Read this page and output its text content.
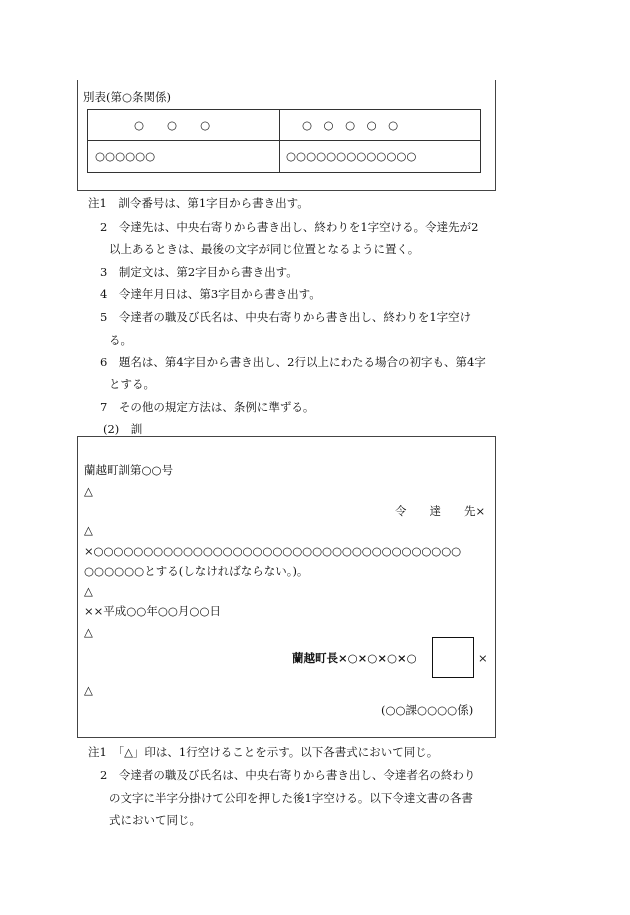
別表(第○条関係)
○　　○　　○	○　○　○　○　○
○○○○○○	○○○○○○○○○○○○○
注1　訓令番号は、第1字目から書き出す。
2　令達先は、中央右寄りから書き出し、終わりを1字空ける。令達先が2
以上あるときは、最後の文字が同じ位置となるように置く。
3　制定文は、第2字目から書き出す。
4　令達年月日は、第3字目から書き出す。
5　令達者の職及び氏名は、中央右寄りから書き出し、終わりを1字空け
る。
6　題名は、第4字目から書き出し、2行以上にわたる場合の初字も、第4字
とする。
7　その他の規定方法は、条例に準ずる。
(2)　訓
蘭越町訓第○○号
△
令　　達　　先×
△
×○○○○○○○○○○○○○○○○○○○○○○○○○○○○○○○○○○○○○
○○○○○○とする(しなければならない。)。
△
××平成○○年○○月○○日
△
蘭越町長×○×○×○×○	×
△
(○○課○○○○係)
注1　「△」印は、1行空けることを示す。以下各書式において同じ。
2　令達者の職及び氏名は、中央右寄りから書き出し、令達者名の終わり
の文字に半字分掛けて公印を押した後1字空ける。以下令達文書の各書
式において同じ。
